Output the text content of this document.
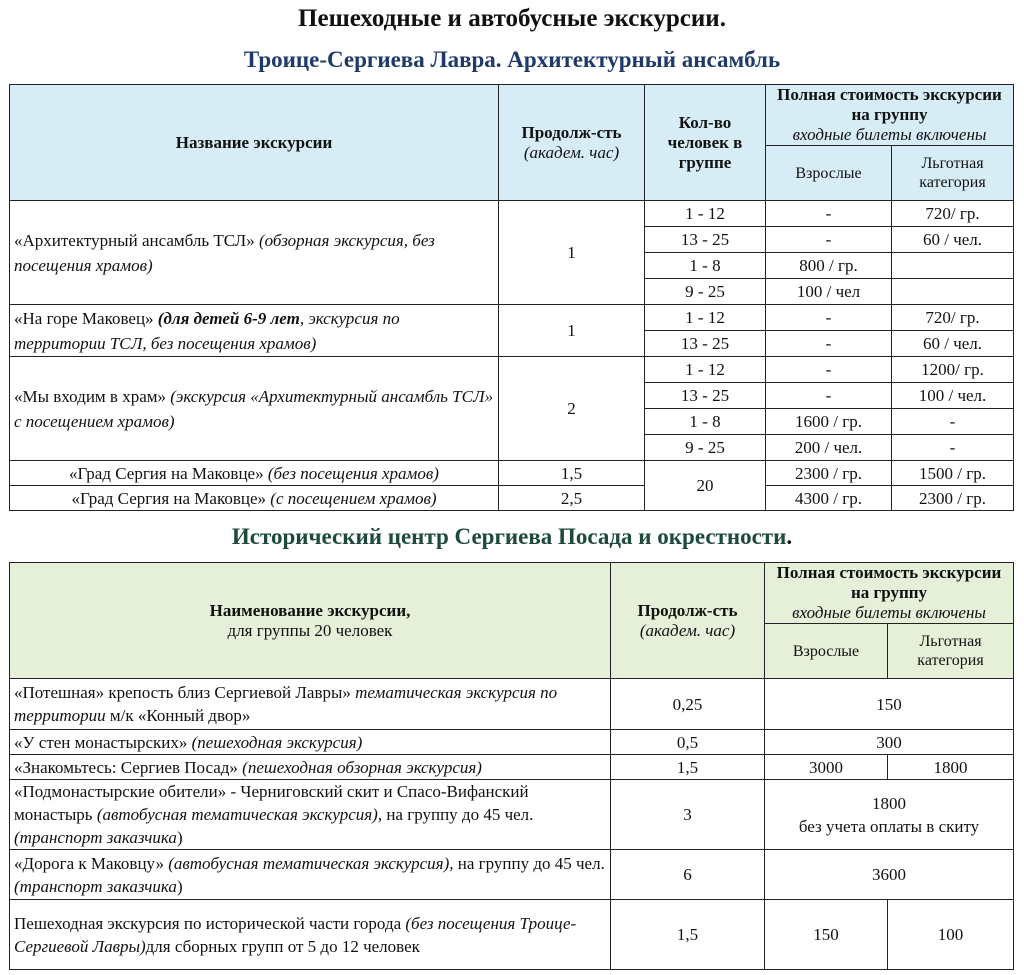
Пешеходные и автобусные экскурсии.
Троице-Сергиева Лавра. Архитектурный ансамбль
Название экскурсии	Продолж-сть
(академ. час)	Кол-во человек в группе	Полная стоимость экскурсии на группу
входные билеты включены	
			Взрослые	Льготная категория
«Архитектурный ансамбль ТСЛ» (обзорная экскурсия, без посещения храмов)	1	1 - 12	-	720/ гр.
		13 - 25	-	60 / чел.
		1 - 8	800 / гр.	
		9 - 25	100 / чел	
«На горе Маковец» (для детей 6-9 лет, экскурсия по территории ТСЛ, без посещения храмов)	1	1 - 12	-	720/ гр.
		13 - 25	-	60 / чел.
«Мы входим в храм» (экскурсия «Архитектурный ансамбль ТСЛ» с посещением храмов)	2	1 - 12	-	1200/ гр.
		13 - 25	-	100 / чел.
		1 - 8	1600 / гр.	-
		9 - 25	200 / чел.	-
«Град Сергия на Маковце» (без посещения храмов)	1,5	20	2300 / гр.	1500 / гр.
«Град Сергия на Маковце» (с посещением храмов)	2,5		4300 / гр.	2300 / гр.
Исторический центр Сергиева Посада и окрестности.
Наименование экскурсии,
для группы 20 человек	Продолж-сть
(академ. час)	Полная стоимость экскурсии на группу
входные билеты включены	
		Взрослые	Льготная категория
«Потешная» крепость близ Сергиевой Лавры» тематическая экскурсия по территории м/к «Конный двор»	0,25	150	
«У стен монастырских» (пешеходная экскурсия)	0,5	300	
«Знакомьтесь: Сергиев Посад» (пешеходная обзорная экскурсия)	1,5	3000	1800
«Подмонастырские обители» - Черниговский скит и Спасо-Вифанский монастырь (автобусная тематическая экскурсия), на группу до 45 чел. (транспорт заказчика)	3	1800
без учета оплаты в скиту	
«Дорога к Маковцу» (автобусная тематическая экскурсия), на группу до 45 чел. (транспорт заказчика)	6	3600	
Пешеходная экскурсия по исторической части города (без посещения Троице-Сергиевой Лавры)для сборных групп от 5 до 12 человек	1,5	150	100
